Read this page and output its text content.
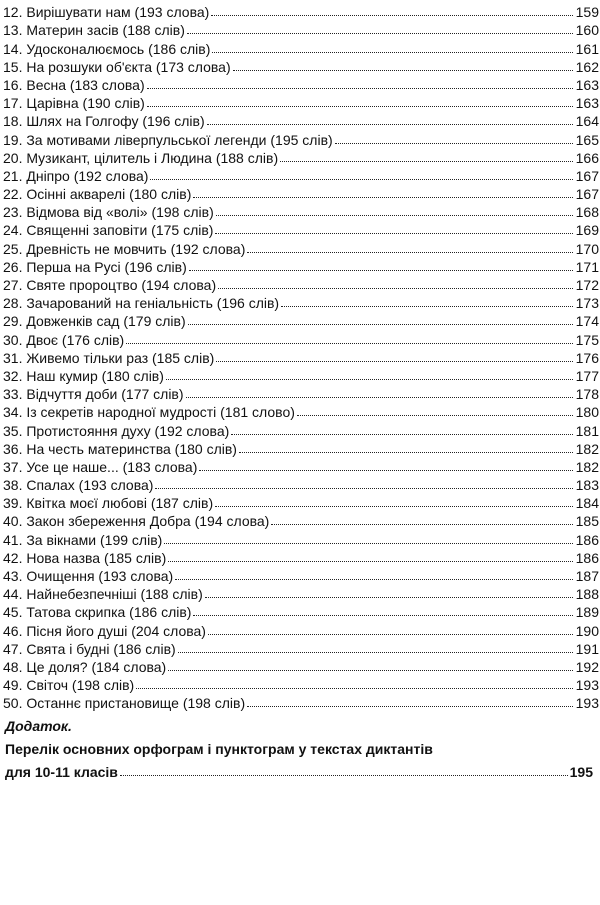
12. Вирішувати нам (193 слова)	159
13. Материн засів (188 слів)	160
14. Удосконалюємось (186 слів)	161
15. На розшуки об'єкта (173 слова)	162
16. Весна (183 слова)	163
17. Царівна (190 слів)	163
18. Шлях на Голгофу (196 слів)	164
19. За мотивами ліверпульської легенди (195 слів)	165
20. Музикант, цілитель і Людина (188 слів)	166
21. Дніпро (192 слова)	167
22. Осінні акварелі (180 слів)	167
23. Відмова від «волі» (198 слів)	168
24. Священні заповіти (175 слів)	169
25. Древність не мовчить (192 слова)	170
26. Перша на Русі (196 слів)	171
27. Святе пророцтво (194 слова)	172
28. Зачарований на геніальність (196 слів)	173
29. Довженків сад (179 слів)	174
30. Двоє (176 слів)	175
31. Живемо тільки раз (185 слів)	176
32. Наш кумир (180 слів)	177
33. Відчуття доби (177 слів)	178
34. Із секретів народної мудрості (181 слово)	180
35. Протистояння духу (192 слова)	181
36. На честь материнства (180 слів)	182
37. Усе це наше... (183 слова)	182
38. Спалах (193 слова)	183
39. Квітка моєї любові (187 слів)	184
40. Закон збереження Добра (194 слова)	185
41. За вікнами (199 слів)	186
42. Нова назва (185 слів)	186
43. Очищення (193 слова)	187
44. Найнебезпечніші (188 слів)	188
45. Татова скрипка (186 слів)	189
46. Пісня його душі (204 слова)	190
47. Свята і будні (186 слів)	191
48. Це доля? (184 слова)	192
49. Світоч (198 слів)	193
50. Останнє пристановище (198 слів)	193
Додаток.
Перелік основних орфограм і пунктограм у текстах диктантів
для 10-11 класів	195
